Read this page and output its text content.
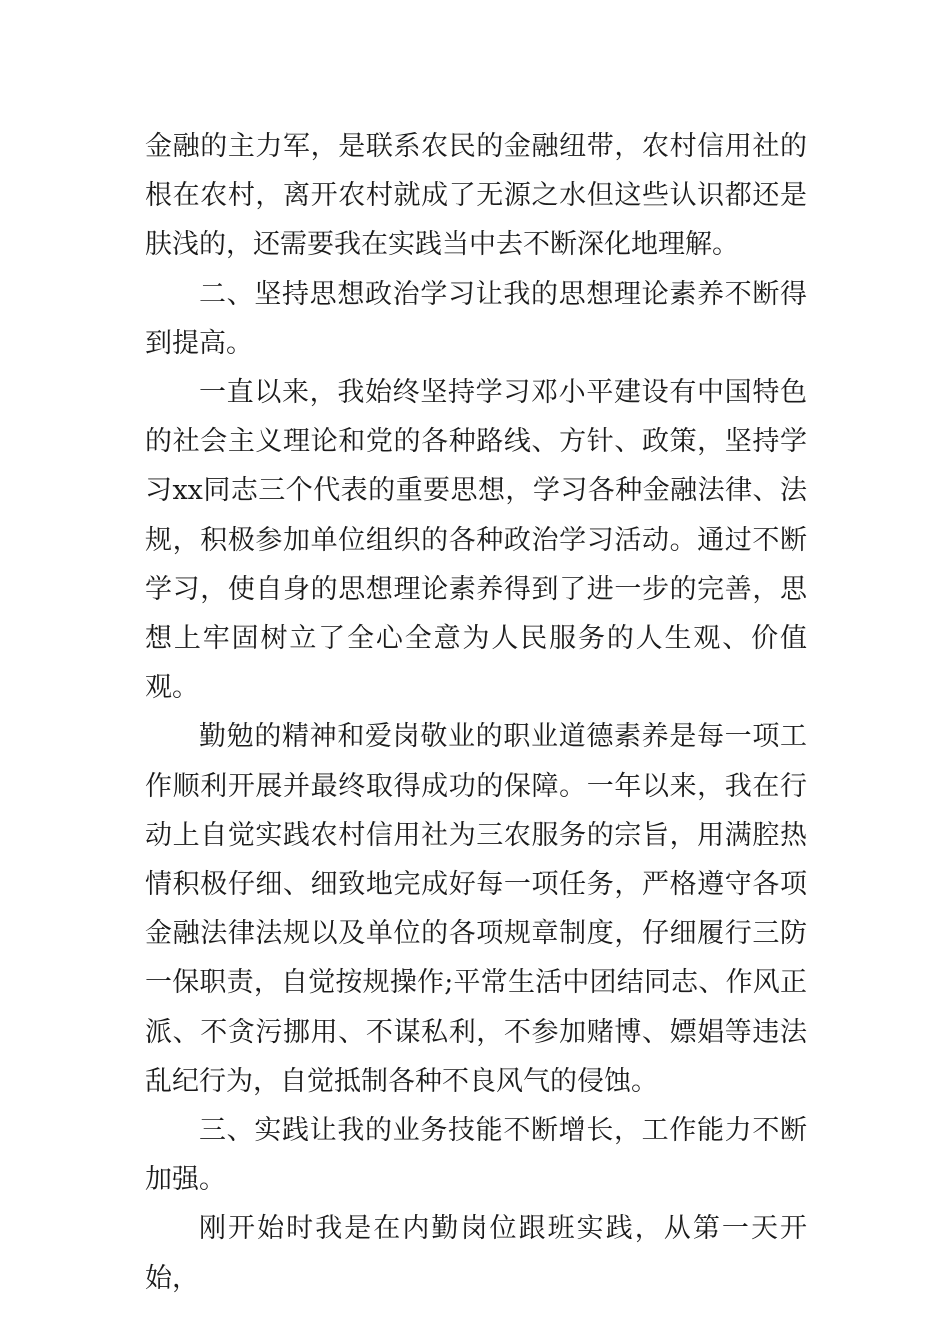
金融的主力军，是联系农民的金融纽带，农村信用社的根在农村，离开农村就成了无源之水但这些认识都还是肤浅的，还需要我在实践当中去不断深化地理解。

二、坚持思想政治学习让我的思想理论素养不断得到提高。

一直以来，我始终坚持学习邓小平建设有中国特色的社会主义理论和党的各种路线、方针、政策，坚持学习xx同志三个代表的重要思想，学习各种金融法律、法规，积极参加单位组织的各种政治学习活动。通过不断学习，使自身的思想理论素养得到了进一步的完善，思想上牢固树立了全心全意为人民服务的人生观、价值观。

勤勉的精神和爱岗敬业的职业道德素养是每一项工作顺利开展并最终取得成功的保障。一年以来，我在行动上自觉实践农村信用社为三农服务的宗旨，用满腔热情积极仔细、细致地完成好每一项任务，严格遵守各项金融法律法规以及单位的各项规章制度，仔细履行三防一保职责，自觉按规操作;平常生活中团结同志、作风正派、不贪污挪用、不谋私利，不参加赌博、嫖娼等违法乱纪行为，自觉抵制各种不良风气的侵蚀。

三、实践让我的业务技能不断增长，工作能力不断加强。

刚开始时我是在内勤岗位跟班实践，从第一天开始，
